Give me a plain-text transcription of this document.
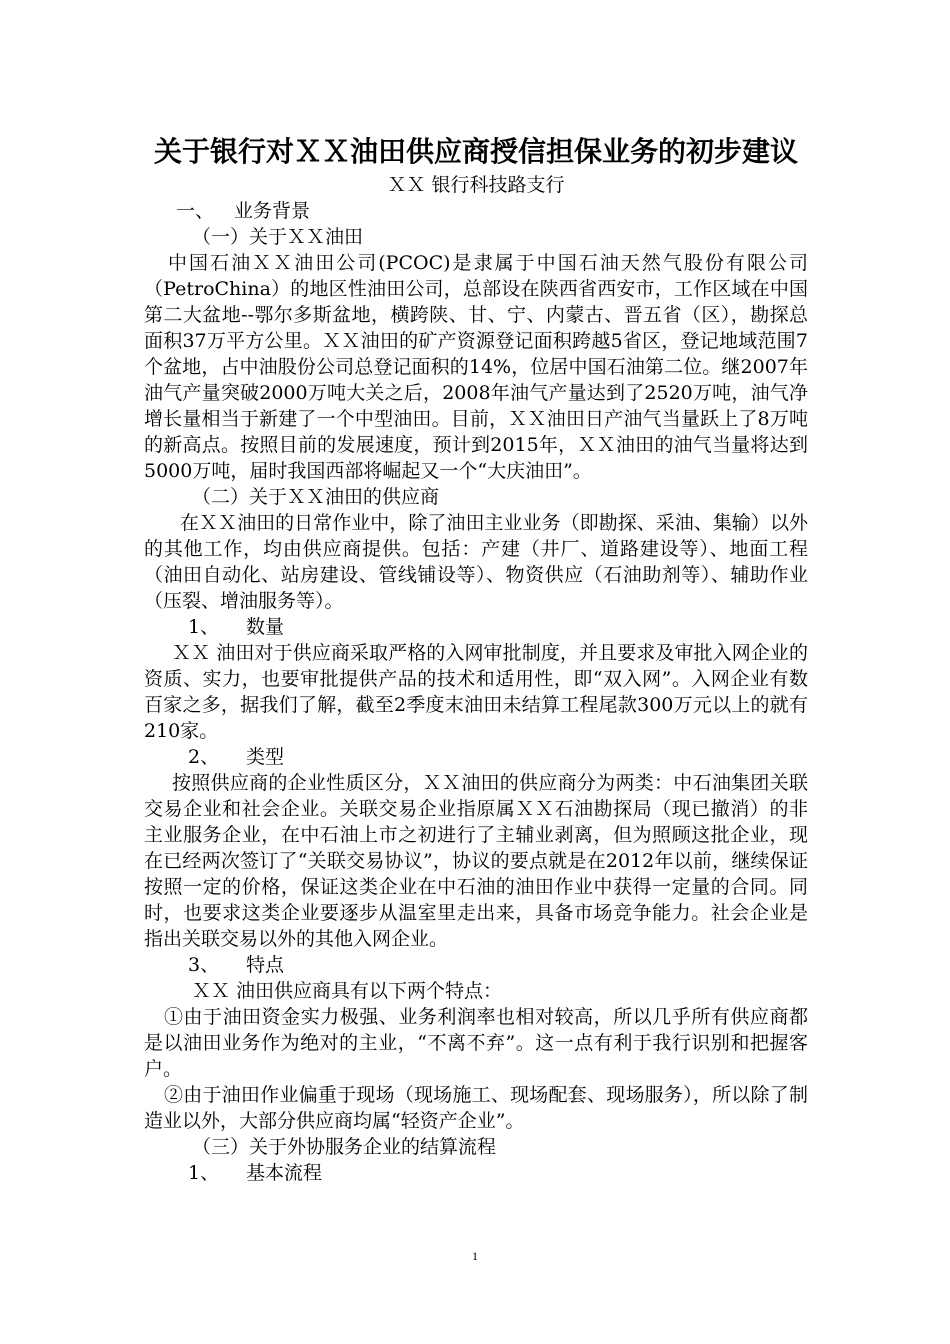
关于银行对ＸＸ油田供应商授信担保业务的初步建议

ＸＸ 银行科技路支行

一、 业务背景

（一）关于ＸＸ油田

中国石油ＸＸ油田公司(PCOC)是隶属于中国石油天然气股份有限公司（PetroChina）的地区性油田公司，总部设在陕西省西安市，工作区域在中国第二大盆地--鄂尔多斯盆地，横跨陕、甘、宁、内蒙古、晋五省（区），勘探总面积37万平方公里。ＸＸ油田的矿产资源登记面积跨越5省区，登记地域范围7个盆地，占中油股份公司总登记面积的14%，位居中国石油第二位。继2007年油气产量突破2000万吨大关之后，2008年油气产量达到了2520万吨，油气净增长量相当于新建了一个中型油田。目前，ＸＸ油田日产油气当量跃上了8万吨的新高点。按照目前的发展速度，预计到2015年，ＸＸ油田的油气当量将达到5000万吨，届时我国西部将崛起又一个“大庆油田”。

（二）关于ＸＸ油田的供应商

在ＸＸ油田的日常作业中，除了油田主业业务（即勘探、采油、集输）以外的其他工作，均由供应商提供。包括：产建（井厂、道路建设等）、地面工程（油田自动化、站房建设、管线铺设等）、物资供应（石油助剂等）、辅助作业（压裂、增油服务等）。

1、 数量

ＸＸ 油田对于供应商采取严格的入网审批制度，并且要求及审批入网企业的资质、实力，也要审批提供产品的技术和适用性，即“双入网”。入网企业有数百家之多，据我们了解，截至2季度末油田未结算工程尾款300万元以上的就有210家。

2、 类型

按照供应商的企业性质区分，ＸＸ油田的供应商分为两类：中石油集团关联交易企业和社会企业。关联交易企业指原属ＸＸ石油勘探局（现已撤消）的非主业服务企业，在中石油上市之初进行了主辅业剥离，但为照顾这批企业，现在已经两次签订了“关联交易协议”，协议的要点就是在2012年以前，继续保证按照一定的价格，保证这类企业在中石油的油田作业中获得一定量的合同。同时，也要求这类企业要逐步从温室里走出来，具备市场竞争能力。社会企业是指出关联交易以外的其他入网企业。

3、 特点

ＸＸ 油田供应商具有以下两个特点：

①由于油田资金实力极强、业务利润率也相对较高，所以几乎所有供应商都是以油田业务作为绝对的主业，“不离不弃”。这一点有利于我行识别和把握客户。

②由于油田作业偏重于现场（现场施工、现场配套、现场服务），所以除了制造业以外，大部分供应商均属“轻资产企业”。

（三）关于外协服务企业的结算流程

1、 基本流程

1
